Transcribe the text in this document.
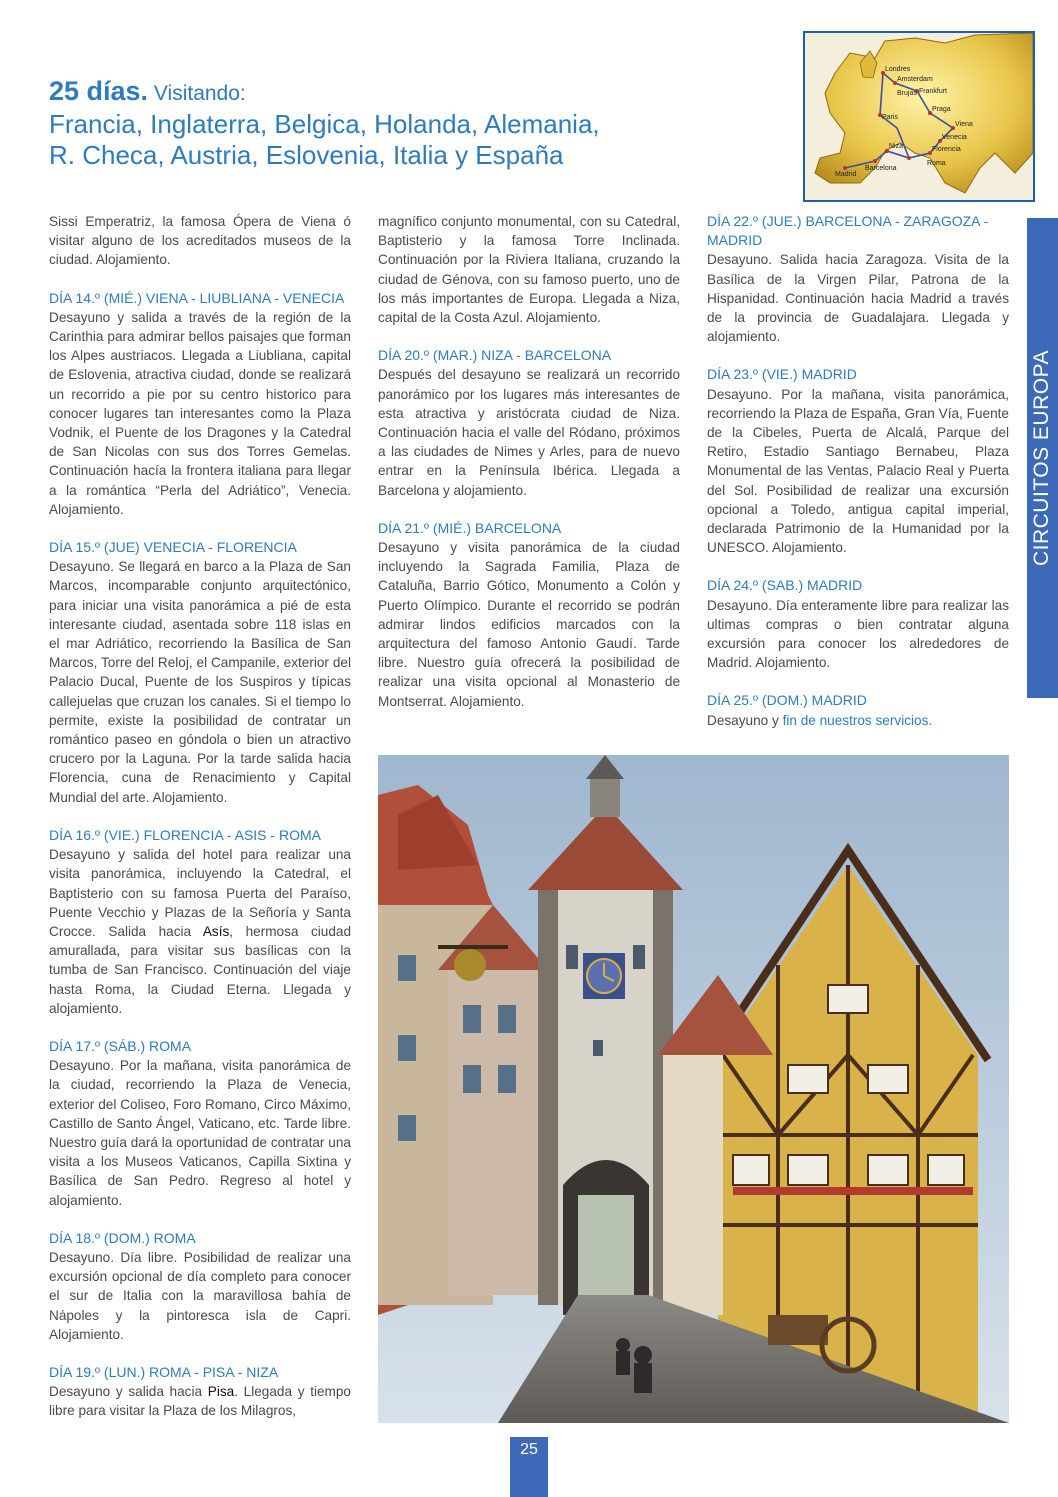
25 días. Visitando:
Francia, Inglaterra, Belgica, Holanda, Alemania,
R. Checa, Austria, Eslovenia, Italia y España
Londres
Amsterdam
Frankfurt
Brujas
Praga
Viena
Paris
Niza
Venecia
Florencia
Roma
Madrid
Barcelona
CIRCUITOS EUROPA

Sissi Emperatriz, la famosa Ópera de Viena ó visitar alguno de los acreditados museos de la ciudad. Alojamiento.

DÍA 14.º (MIÉ.) VIENA - LIUBLIANA - VENECIA

Desayuno y salida a través de la región de la Carinthia para admirar bellos paisajes que forman los Alpes austriacos. Llegada a Liubliana, capital de Eslovenia, atractiva ciudad, donde se realizará un recorrido a pie por su centro historico para conocer lugares tan interesantes como la Plaza Vodnik, el Puente de los Dragones y la Catedral de San Nicolas con sus dos Torres Gemelas. Continuación hacía la frontera italiana para llegar a la romántica “Perla del Adriático”, Venecia. Alojamiento.

DÍA 15.º (JUE) VENECIA - FLORENCIA

Desayuno. Se llegará en barco a la Plaza de San Marcos, incomparable conjunto arquitectónico, para iniciar una visita panorámica a pié de esta interesante ciudad, asentada sobre 118 islas en el mar Adriático, recorriendo la Basílica de San Marcos, Torre del Reloj, el Campanile, exterior del Palacio Ducal, Puente de los Suspiros y típicas callejuelas que cruzan los canales. Si el tiempo lo permite, existe la posibilidad de contratar un romántico paseo en góndola o bien un atractivo crucero por la Laguna. Por la tarde salida hacia Florencia, cuna de Renacimiento y Capital Mundial del arte. Alojamiento.

DÍA 16.º (VIE.) FLORENCIA - ASIS - ROMA

Desayuno y salida del hotel para realizar una visita panorámica, incluyendo la Catedral, el Baptisterio con su famosa Puerta del Paraíso, Puente Vecchio y Plazas de la Señoría y Santa Crocce. Salida hacia Asís, hermosa ciudad amurallada, para visitar sus basílicas con la tumba de San Francisco. Continuación del viaje hasta Roma, la Ciudad Eterna. Llegada y alojamiento.

DÍA 17.º (SÁB.) ROMA

Desayuno. Por la mañana, visita panorámica de la ciudad, recorriendo la Plaza de Venecia, exterior del Coliseo, Foro Romano, Circo Máximo, Castillo de Santo Ángel, Vaticano, etc. Tarde libre. Nuestro guía dará la oportunidad de contratar una visita a los Museos Vaticanos, Capilla Sixtina y Basílica de San Pedro. Regreso al hotel y alojamiento.

DÍA 18.º (DOM.) ROMA

Desayuno. Día libre. Posibilidad de realizar una excursión opcional de día completo para conocer el sur de Italia con la maravillosa bahía de Nápoles y la pintoresca isla de Capri. Alojamiento.

DÍA 19.º (LUN.) ROMA - PISA - NIZA

Desayuno y salida hacia Pisa. Llegada y tiempo libre para visitar la Plaza de los Milagros,

magnífico conjunto monumental, con su Catedral, Baptisterio y la famosa Torre Inclinada. Continuación por la Riviera Italiana, cruzando la ciudad de Génova, con su famoso puerto, uno de los más importantes de Europa. Llegada a Niza, capital de la Costa Azul. Alojamiento.

DÍA 20.º (MAR.) NIZA - BARCELONA

Después del desayuno se realizará un recorrido panorámico por los lugares más interesantes de esta atractiva y aristócrata ciudad de Niza. Continuación hacia el valle del Ródano, próximos a las ciudades de Nimes y Arles, para de nuevo entrar en la Península Ibérica. Llegada a Barcelona y alojamiento.

DÍA 21.º (MIÉ.) BARCELONA

Desayuno y visita panorámica de la ciudad incluyendo la Sagrada Familia, Plaza de Cataluña, Barrio Gótico, Monumento a Colón y Puerto Olímpico. Durante el recorrido se podrán admirar lindos edificios marcados con la arquitectura del famoso Antonio Gaudí. Tarde libre. Nuestro guía ofrecerá la posibilidad de realizar una visita opcional al Monasterio de Montserrat. Alojamiento.

DÍA 22.º (JUE.) BARCELONA - ZARAGOZA - MADRID

Desayuno. Salida hacia Zaragoza. Visita de la Basílica de la Virgen Pilar, Patrona de la Hispanidad. Continuación hacia Madrid a través de la provincia de Guadalajara. Llegada y alojamiento.

DÍA 23.º (VIE.) MADRID

Desayuno. Por la mañana, visita panorámica, recorriendo la Plaza de España, Gran Vía, Fuente de la Cibeles, Puerta de Alcalá, Parque del Retiro, Estadio Santiago Bernabeu, Plaza Monumental de las Ventas, Palacio Real y Puerta del Sol. Posibilidad de realizar una excursión opcional a Toledo, antigua capital imperial, declarada Patrimonio de la Humanidad por la UNESCO. Alojamiento.

DÍA 24.º (SAB.) MADRID

Desayuno. Día enteramente libre para realizar las ultimas compras o bien contratar alguna excursión para conocer los alrededores de Madrid. Alojamiento.

DÍA 25.º (DOM.) MADRID

Desayuno y fin de nuestros servicios.

25
